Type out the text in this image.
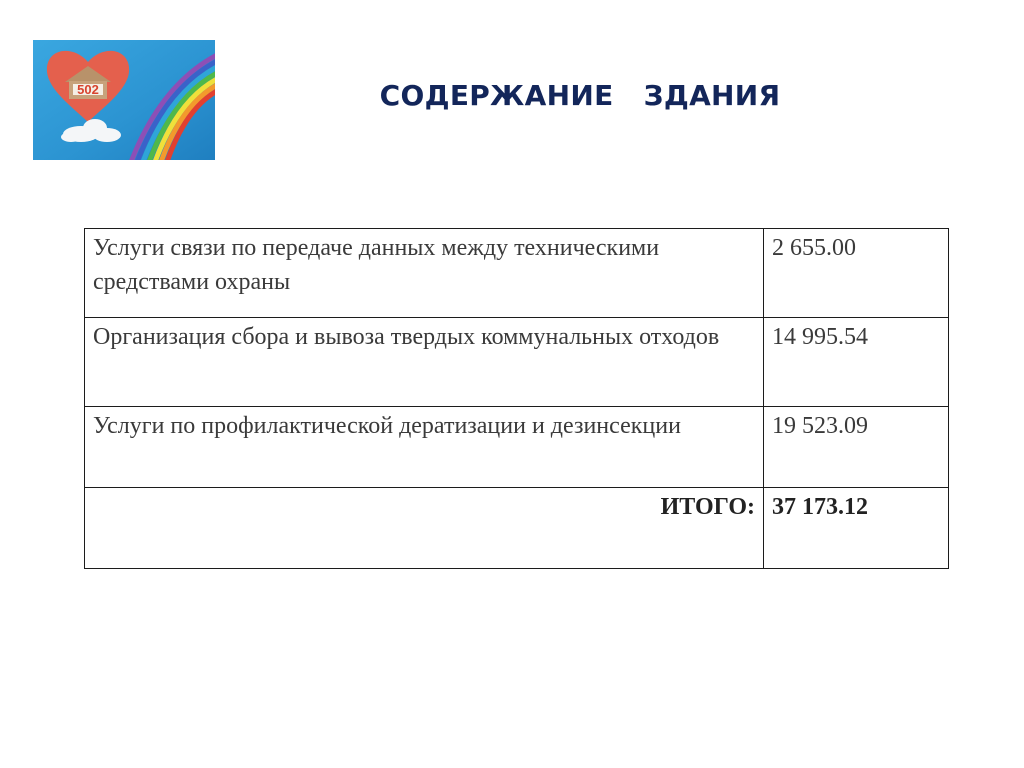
502	СОДЕРЖАНИЕ   ЗДАНИЯ
Услуги связи по передаче данных между техническими средствами охраны	2 655.00
Организация сбора и вывоза твердых коммунальных отходов	14 995.54
Услуги по профилактической дератизации и дезинсекции	19 523.09
ИТОГО:	37 173.12
